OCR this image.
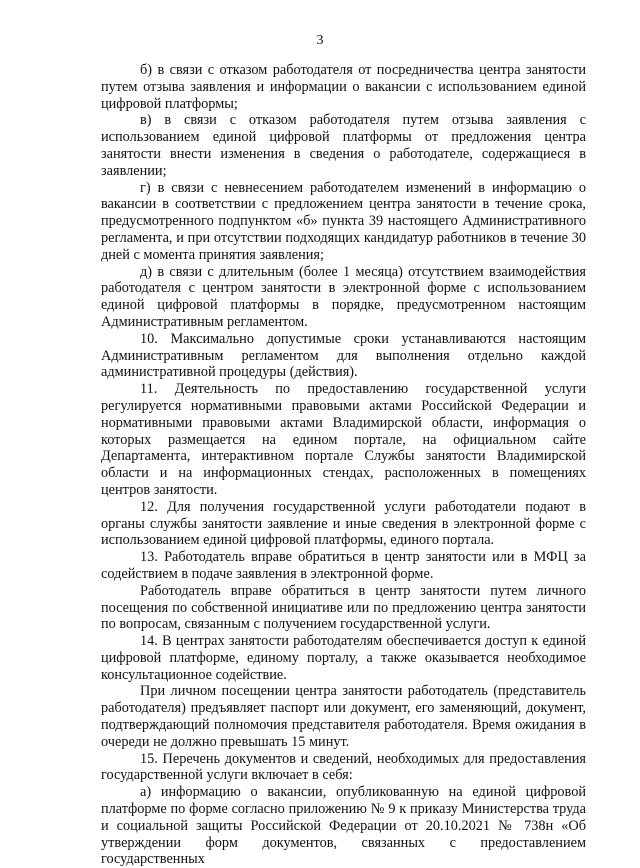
3

б) в связи с отказом работодателя от посредничества центра занятости путем отзыва заявления и информации о вакансии с использованием единой цифровой платформы;

в) в связи с отказом работодателя путем отзыва заявления с использованием единой цифровой платформы от предложения центра занятости внести изменения в сведения о работодателе, содержащиеся в заявлении;

г) в связи с невнесением работодателем изменений в информацию о вакансии в соответствии с предложением центра занятости в течение срока, предусмотренного подпунктом «б» пункта 39 настоящего Административного регламента, и при отсутствии подходящих кандидатур работников в течение 30 дней с момента принятия заявления;

д) в связи с длительным (более 1 месяца) отсутствием взаимодействия работодателя с центром занятости в электронной форме с использованием единой цифровой платформы в порядке, предусмотренном настоящим Административным регламентом.

10. Максимально допустимые сроки устанавливаются настоящим Административным регламентом для выполнения отдельно каждой административной процедуры (действия).

11. Деятельность по предоставлению государственной услуги регулируется нормативными правовыми актами Российской Федерации и нормативными правовыми актами Владимирской области, информация о которых размещается на едином портале, на официальном сайте Департамента, интерактивном портале Службы занятости Владимирской области и на информационных стендах, расположенных в помещениях центров занятости.

12. Для получения государственной услуги работодатели подают в органы службы занятости заявление и иные сведения в электронной форме с использованием единой цифровой платформы, единого портала.

13. Работодатель вправе обратиться в центр занятости или в МФЦ за содействием в подаче заявления в электронной форме.

Работодатель вправе обратиться в центр занятости путем личного посещения по собственной инициативе или по предложению центра занятости по вопросам, связанным с получением государственной услуги.

14. В центрах занятости работодателям обеспечивается доступ к единой цифровой платформе, единому порталу, а также оказывается необходимое консультационное содействие.

При личном посещении центра занятости работодатель (представитель работодателя) предъявляет паспорт или документ, его заменяющий, документ, подтверждающий полномочия представителя работодателя. Время ожидания в очереди не должно превышать 15 минут.

15. Перечень документов и сведений, необходимых для предоставления государственной услуги включает в себя:

а) информацию о вакансии, опубликованную на единой цифровой платформе по форме согласно приложению № 9 к приказу Министерства труда и социальной защиты Российской Федерации от 20.10.2021 № 738н «Об утверждении форм документов, связанных с предоставлением государственных
